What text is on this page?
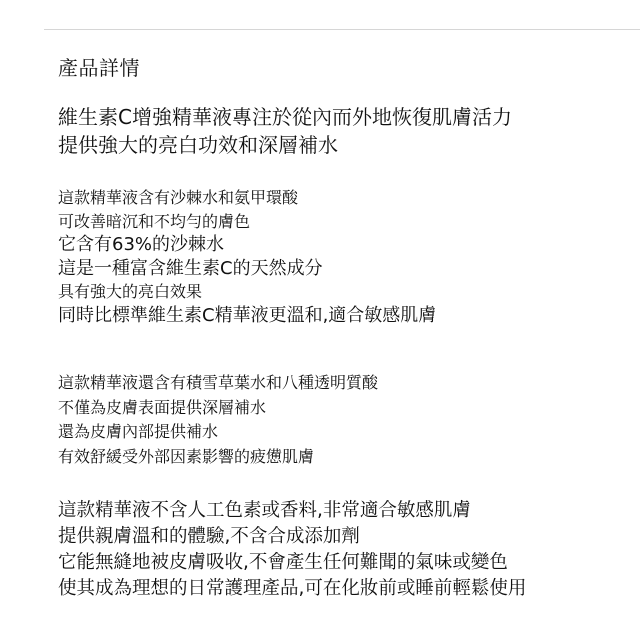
產品詳情
維生素C增強精華液專注於從內而外地恢復肌膚活力
提供強大的亮白功效和深層補水
這款精華液含有沙棘水和氨甲環酸
可改善暗沉和不均勻的膚色
它含有63%的沙棘水
這是一種富含維生素C的天然成分
具有強大的亮白效果
同時比標準維生素C精華液更溫和,適合敏感肌膚
這款精華液還含有積雪草葉水和八種透明質酸
不僅為皮膚表面提供深層補水
還為皮膚內部提供補水
有效舒緩受外部因素影響的疲憊肌膚
這款精華液不含人工色素或香料,非常適合敏感肌膚
提供親膚溫和的體驗,不含合成添加劑
它能無縫地被皮膚吸收,不會產生任何難聞的氣味或變色
使其成為理想的日常護理產品,可在化妝前或睡前輕鬆使用
